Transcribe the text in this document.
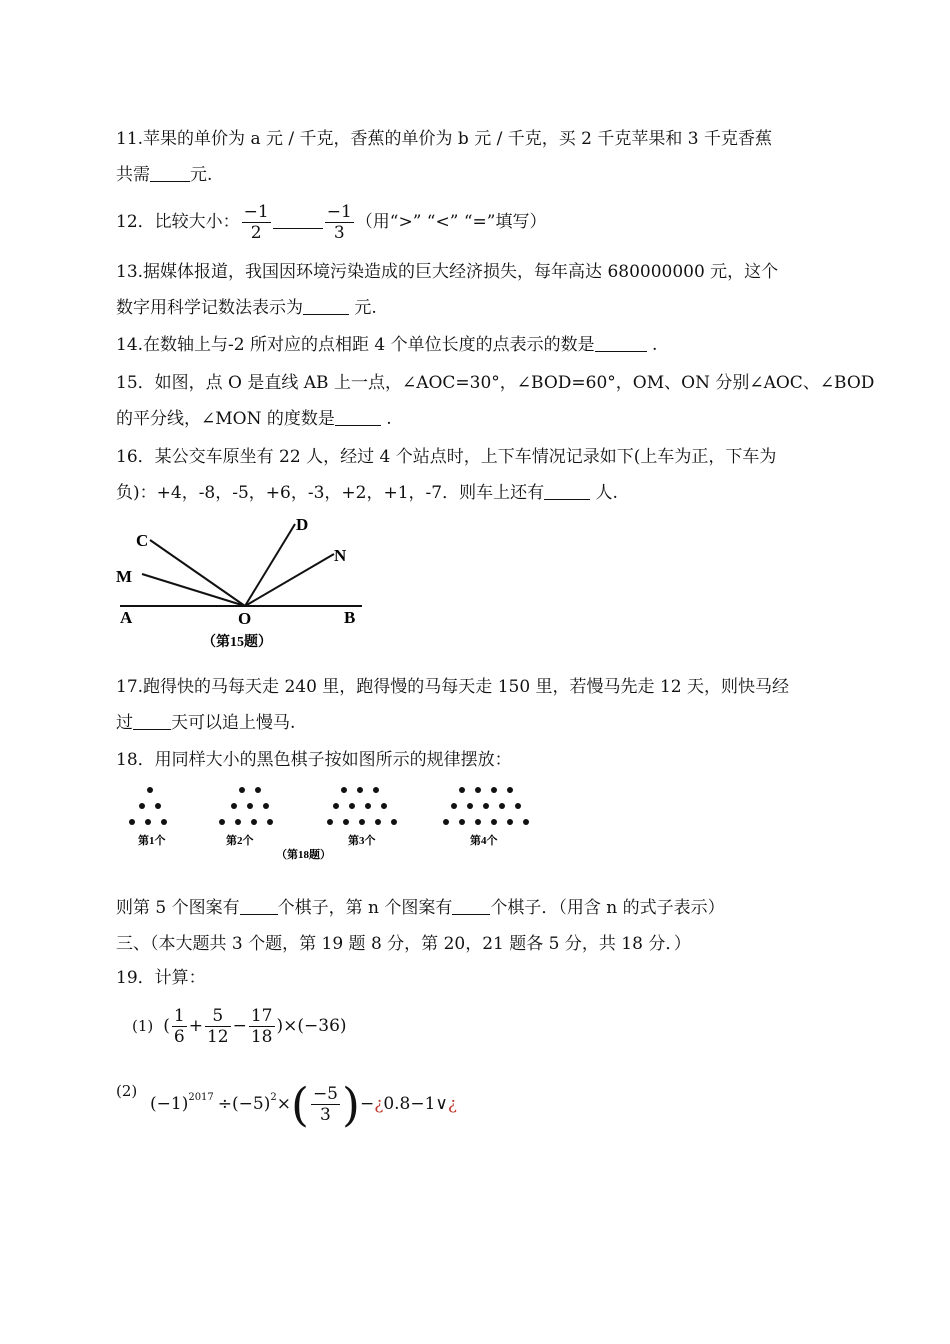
11.苹果的单价为 a 元 / 千克，香蕉的单价为 b 元 / 千克，买 2 千克苹果和 3 千克香蕉
共需 元.
12．比较大小： $\frac{-1}{2}$	$\frac{-1}{3}$ （用“>” “<” “=”填写）
13.据媒体报道，我国因环境污染造成的巨大经济损失，每年高达 680000000 元，这个
数字用科学记数法表示为	元.
14.在数轴上与-2 所对应的点相距 4 个单位长度的点表示的数是	.
15．如图，点 O 是直线 AB 上一点，∠AOC=30°，∠BOD=60°，OM、ON 分别∠AOC、∠BOD
的平分线，∠MON 的度数是	.
16．某公交车原坐有 22 人，经过 4 个站点时，上下车情况记录如下(上车为正，下车为
负)：+4，-8，-5，+6，-3，+2，+1，-7．则车上还有	人.
C
M
D
N
A	O	B
（第15题）
17.跑得快的马每天走 240 里，跑得慢的马每天走 150 里，若慢马先走 12 天，则快马经
过 天可以追上慢马.
18．用同样大小的黑色棋子按如图所示的规律摆放：
第1个	第2个	第3个	第4个
（第18题）
则第 5 个图案有 个棋子，第 n 个图案有 个棋子．（用含 n 的式子表示）
三、（本大题共 3 个题，第 19 题 8 分，第 20，21 题各 5 分，共 18 分．）
19．计算：
(1) ( $\frac{1}{6} + \frac{5}{12} - \frac{17}{18} )\times(-36)$
(2)
$(-1)^{2017} \div(-5)^2\times( \frac{-5}{3}$ )−¿0.8−1∨¿
